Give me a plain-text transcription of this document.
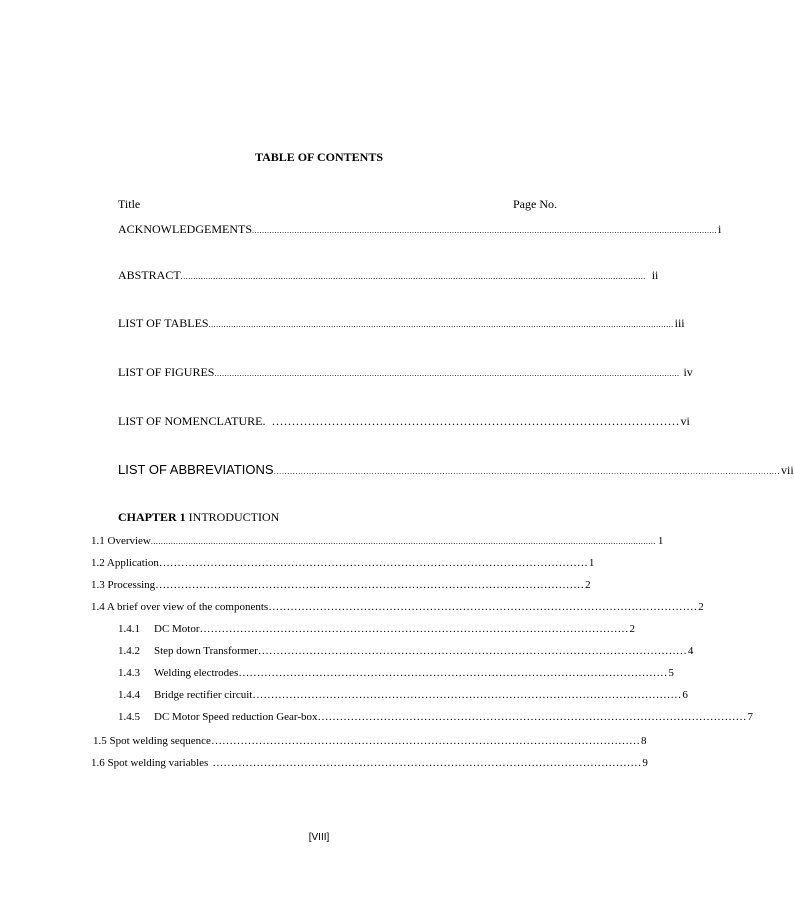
TABLE OF CONTENTS
Title	Page No.
ACKNOWLEDGEMENTS .......................................................................................................................................................................................... i
ABSTRACT .......................................................................................................................................................................................... ii
LIST OF TABLES .......................................................................................................................................................................................... iii
LIST OF FIGURES .......................................................................................................................................................................................... iv
LIST OF NOMENCLATURE. ………………………………………………………………………………………… vi
LIST OF ABBREVIATIONS .......................................................................................................................................................................................... vii
CHAPTER 1 INTRODUCTION
1.1 Overview .......................................................................................................................................................................................................... 1
1.2 Application ……………………………………………………………………………………………………… 1
1.3 Processing ……………………………………………………………………………………………………… 2
1.4 A brief over view of the components ……………………………………………………………………………………………………… 2
1.4.1	DC Motor ……………………………………………………………………………………………………… 2
1.4.2	Step down Transformer ……………………………………………………………………………………………………… 4
1.4.3	Welding electrodes ……………………………………………………………………………………………………… 5
1.4.4	Bridge rectifier circuit ……………………………………………………………………………………………………… 6
1.4.5	DC Motor Speed reduction Gear-box ……………………………………………………………………………………………………… 7
1.5 Spot welding sequence ……………………………………………………………………………………………………… 8
1.6 Spot welding variables ……………………………………………………………………………………………………… 9
[VIII]
